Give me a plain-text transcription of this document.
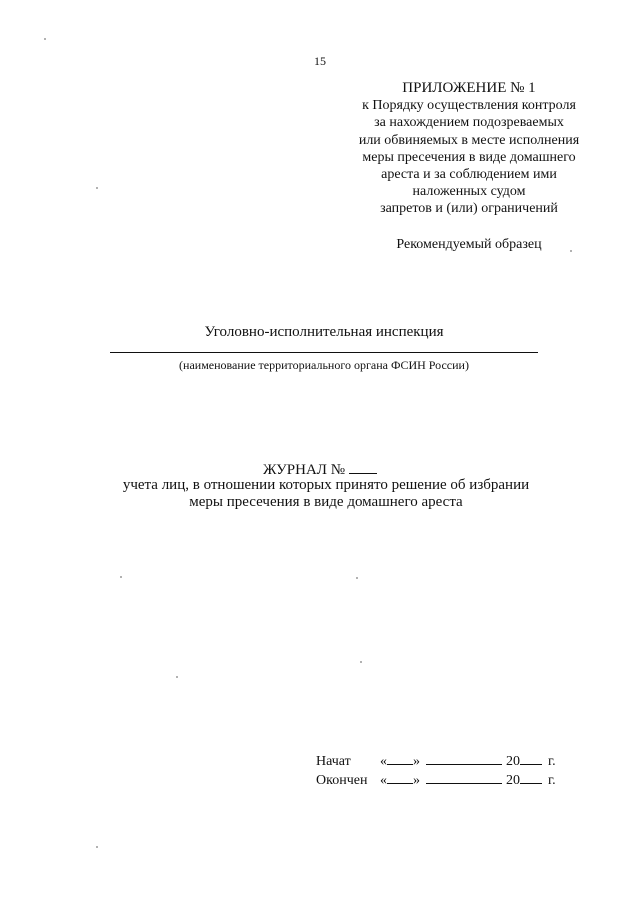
15
ПРИЛОЖЕНИЕ № 1
к Порядку осуществления контроля
за нахождением подозреваемых
или обвиняемых в месте исполнения
меры пресечения в виде домашнего
ареста и за соблюдением ими
наложенных судом
запретов и (или) ограничений
Рекомендуемый образец
Уголовно-исполнительная инспекция
(наименование территориального органа ФСИН России)
ЖУРНАЛ №
учета лиц, в отношении которых принято решение об избрании
меры пресечения в виде домашнего ареста
Начат	« »	20 г.
Окончен « »	20 г.
